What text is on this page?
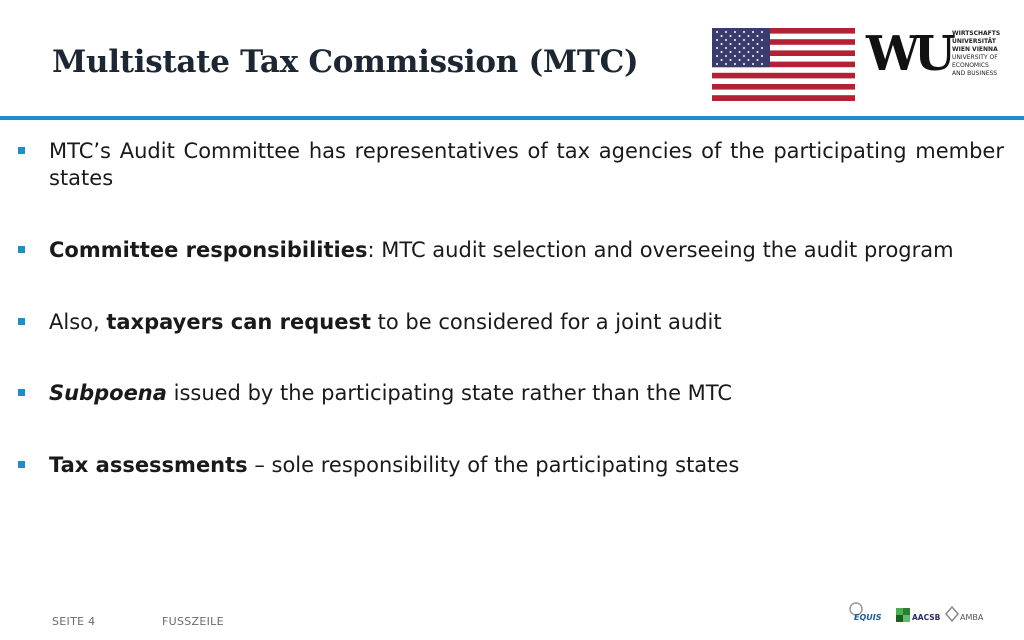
Multistate Tax Commission (MTC)	WU WIRTSCHAFTS
UNIVERSITÄT
WIEN VIENNA
UNIVERSITY OF
ECONOMICS
AND BUSINESS
MTC’s Audit Committee has representatives of tax agencies of the participating member states
Committee responsibilities: MTC audit selection and overseeing the audit program
Also, taxpayers can request to be considered for a joint audit
Subpoena issued by the participating state rather than the MTC
Tax assessments – sole responsibility of the participating states
SEITE 4	FUSSZEILE	EQUIS	AACSB AMBA
